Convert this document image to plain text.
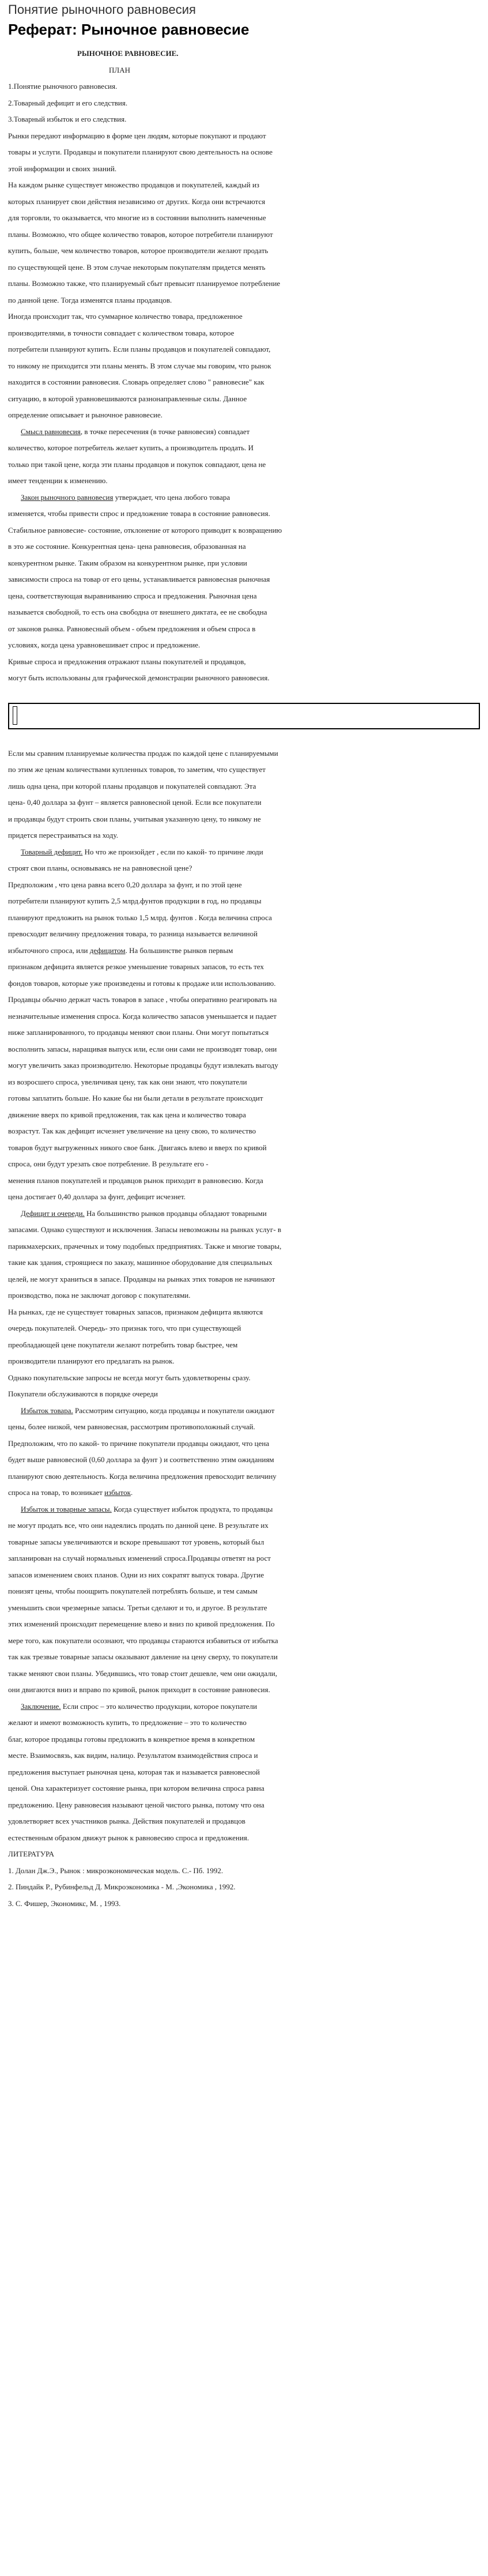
Понятие рыночного равновесия
Реферат: Рыночное равновесие

РЫНОЧНОЕ РАВНОВЕСИЕ.

ПЛАН

1.Понятие рыночного равновесия.

2.Товарный дефицит и его следствия.

3.Товарный избыток и его следствия.

Рынки передают информацию в форме цен людям, которые покупают и продают

товары и услуги. Продавцы и покупатели планируют свою деятельность на основе

этой информации и своих знаний.

На каждом рынке существует множество продавцов и покупателей, каждый из

которых планирует свои действия независимо от других. Когда они встречаются

для торговли, то оказывается, что многие из в состоянии выполнить намеченные

планы. Возможно, что общее количество товаров, которое потребители планируют

купить, больше, чем количество товаров, которое производители желают продать

по существующей цене. В этом случае некоторым покупателям придется менять

планы. Возможно также, что планируемый сбыт превысит планируемое потребление

по данной цене. Тогда изменятся планы продавцов.

Иногда происходит так, что суммарное количество товара, предложенное

производителями, в точности совпадает с количеством товара, которое

потребители планируют купить. Если планы продавцов и покупателей совпадают,

то никому не приходится эти планы менять. В этом случае мы говорим, что рынок

находится в состоянии равновесия. Словарь определяет слово " равновесие" как

ситуацию, в которой уравновешиваются разнонаправленные силы. Данное

определение описывает и рыночное равновесие.

Смысл равновесия, в точке пересечения (в точке равновесия) совпадает

количество, которое потребитель желает купить, а производитель продать. И

только при такой цене, когда эти планы продавцов и покупок совпадают, цена не

имеет тенденции к изменению.

Закон рыночного равновесия утверждает, что цена любого товара

изменяется, чтобы привести спрос и предложение товара в состояние равновесия.

Стабильное равновесие- состояние, отклонение от которого приводит к возвращению

в это же состояние. Конкурентная цена- цена равновесия, образованная на

конкурентном рынке. Таким образом на конкурентном рынке, при условии

зависимости спроса на товар от его цены, устанавливается равновесная рыночная

цена, соответствующая выравниванию спроса и предложения. Рыночная цена

называется свободной, то есть она свободна от внешнего диктата, ее не свободна

от законов рынка. Равновесный объем - объем предложения и объем спроса в

условиях, когда цена уравновешивает спрос и предложение.

Кривые спроса и предложения отражают планы покупателей и продавцов,

могут быть использованы для графической демонстрации рыночного равновесия.

Если мы сравним планируемые количества продаж по каждой цене с планируемыми

по этим же ценам количествами купленных товаров, то заметим, что существует

лишь одна цена, при которой планы продавцов и покупателей совпадают. Эта

цена- 0,40 доллара за фунт – является равновесной ценой. Если все покупатели

и продавцы будут строить свои планы, учитывая указанную цену, то никому не

придется перестраиваться на ходу.

Товарный дефицит. Но что же произойдет , если по какой- то причине люди

строят свои планы, основываясь не на равновесной цене?

Предположим , что цена равна всего 0,20 доллара за фунт, и по этой цене

потребители планируют купить 2,5 млрд.фунтов продукции в год, но продавцы

планируют предложить на рынок только 1,5 млрд. фунтов . Когда величина спроса

превосходит величину предложения товара, то разница называется величиной

избыточного спроса, или дефицитом. На большинстве рынков первым

признаком дефицита является резкое уменьшение товарных запасов, то есть тех

фондов товаров, которые уже произведены и готовы к продаже или использованию.

Продавцы обычно держат часть товаров в запасе , чтобы оперативно реагировать на

незначительные изменения спроса. Когда количество запасов уменьшается и падает

ниже запланированного, то продавцы меняют свои планы. Они могут попытаться

восполнить запасы, наращивая выпуск или, если они сами не производят товар, они

могут увеличить заказ производителю. Некоторые продавцы будут извлекать выгоду

из возросшего спроса, увеличивая цену, так как они знают, что покупатели

готовы заплатить больше. Но какие бы ни были детали в результате происходит

движение вверх по кривой предложения, так как цена и количество товара

возрастут. Так как дефицит исчезнет увеличение на цену свою, то количество

товаров будут выгруженных никого свое банк. Двигаясь влево и вверх по кривой

спроса, они будут урезать свое потребление. В результате его -

менения планов покупателей и продавцов рынок приходит в равновесию. Когда

цена достигает 0,40 доллара за фунт, дефицит исчезнет.

Дефицит и очереди. На большинство рынков продавцы обладают товарными

запасами. Однако существуют и исключения. Запасы невозможны на рынках услуг- в

парикмахерских, прачечных и тому подобных предприятиях. Также и многие товары,

такие как здания, строящиеся по заказу, машинное оборудование для специальных

целей, не могут храниться в запасе. Продавцы на рынках этих товаров не начинают

производство, пока не заключат договор с покупателями.

На рынках, где не существует товарных запасов, признаком дефицита являются

очередь покупателей. Очередь- это признак того, что при существующей

преобладающей цене покупатели желают потребить товар быстрее, чем

производители планируют его предлагать на рынок.

Однако покупательские запросы не всегда могут быть удовлетворены сразу.

Покупатели обслуживаются в порядке очереди

Избыток товара. Рассмотрим ситуацию, когда продавцы и покупатели ожидают

цены, более низкой, чем равновесная, рассмотрим противоположный случай.

Предположим, что по какой- то причине покупатели продавцы ожидают, что цена

будет выше равновесной (0,60 доллара за фунт ) и соответственно этим ожиданиям

планируют свою деятельность. Когда величина предложения превосходит величину

спроса на товар, то возникает избыток.

Избыток и товарные запасы. Когда существует избыток продукта, то продавцы

не могут продать все, что они надеялись продать по данной цене. В результате их

товарные запасы увеличиваются и вскоре превышают тот уровень, который был

запланирован на случай нормальных изменений спроса.Продавцы ответят на рост

запасов изменением своих планов. Одни из них сократят выпуск товара. Другие

понизят цены, чтобы поощрить покупателей потреблять больше, и тем самым

уменьшить свои чрезмерные запасы. Третьи сделают и то, и другое. В результате

этих изменений происходит перемещение влево и вниз по кривой предложения. По

мере того, как покупатели осознают, что продавцы стараются избавиться от избытка

так как трезвые товарные запасы оказывают давление на цену сверху, то покупатели

также меняют свои планы. Убедившись, что товар стоит дешевле, чем они ожидали,

они двигаются вниз и вправо по кривой, рынок приходит в состояние равновесия.

Заключение. Если спрос – это количество продукции, которое покупатели

желают и имеют возможность купить, то предложение – это то количество

благ, которое продавцы готовы предложить в конкретное время в конкретном

месте. Взаимосвязь, как видим, налицо. Результатом взаимодействия спроса и

предложения выступает рыночная цена, которая так и называется равновесной

ценой. Она характеризует состояние рынка, при котором величина спроса равна

предложению. Цену равновесия называют ценой чистого рынка, потому что она

удовлетворяет всех участников рынка. Действия покупателей и продавцов

естественным образом движут рынок к равновесию спроса и предложения.

ЛИТЕРАТУРА

1. Долан Дж.Э., Рынок : микроэкономическая модель. С.- Пб. 1992.

2. Пиндайк Р., Рубинфельд Д. Микроэкономика - М. ,Экономика , 1992.

3. С. Фишер, Экономикс, М. , 1993.
